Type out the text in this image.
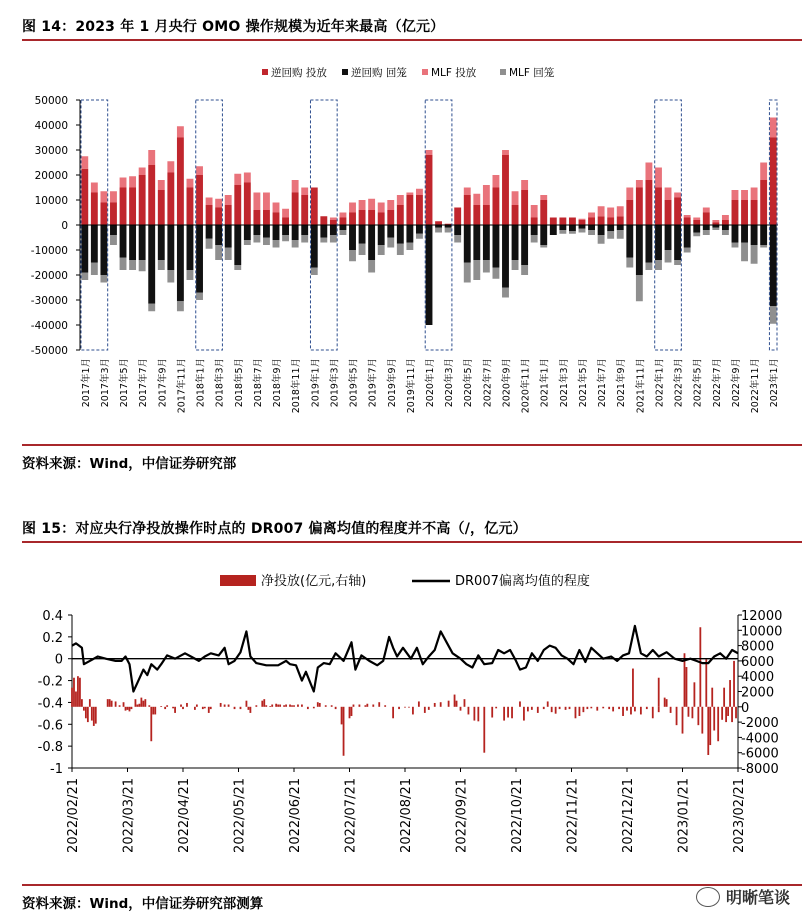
图 14：2023 年 1 月央行 OMO 操作规模为近年来最高（亿元）
逆回购 投放 逆回购 回笼 MLF 投放	MLF 回笼
50000
40000
30000
20000
10000
0
-10000
-20000
-30000
-40000
-50000
2017年1月 2017年3月 2017年5月 2017年7月 2017年9月 2017年11月 2018年1月 2018年3月 2018年5月 2018年7月 2018年9月 2018年11月 2019年1月 2019年3月 2019年5月 2019年7月 2019年9月 2019年11月 2020年1月 2020年3月 2020年5月 2022年7月 2020年9月 2020年11月 2021年1月 2021年3月 2021年5月 2021年7月 2021年9月 2021年11月 2022年1月 2022年3月 2022年5月 2022年7月 2022年9月 2022年11月 2023年1月
资料来源：Wind，中信证券研究部
图 15：对应央行净投放操作时点的 DR007 偏离均值的程度并不高（/，亿元）
净投放(亿元,右轴)	DR007偏离均值的程度
0.4
0.2
0
-0.2
-0.4
-0.6
-0.8
-1
12000
10000
8000
6000
4000
2000
0
-2000
-4000
-6000
-8000
2022/02/21	2022/03/21	2022/04/21	2022/05/21	2022/06/21	2022/07/21	2022/08/21	2022/09/21	2022/10/21	2022/11/21	2022/12/21	2023/01/21	2023/02/21
资料来源：Wind，中信证券研究部测算	明晰笔谈
